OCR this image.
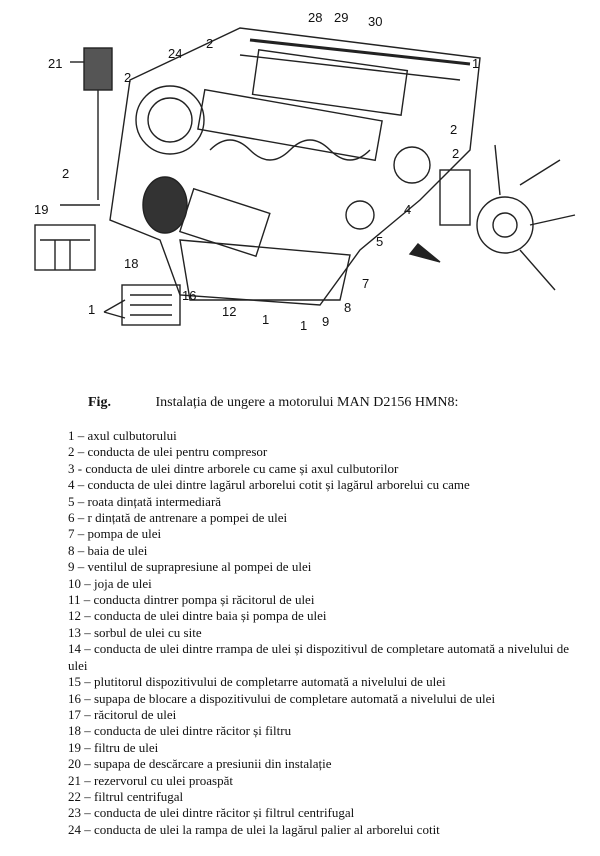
28 29 30
21
24
2
2
2
1
2
2
19
18
16
12
1 1 9
8
7
1
4
5
Fig.	Instalația de ungere a motorului MAN D2156 HMN8:
1 – axul culbutorului
2 – conducta de ulei pentru compresor
3 - conducta de ulei dintre arborele cu came și axul culbutorilor
4 – conducta de ulei dintre lagărul arborelui cotit și lagărul arborelui cu came
5 – roata dințată intermediară
6 – r dințată de antrenare a pompei de ulei
7 – pompa de ulei
8 – baia de ulei
9 – ventilul de suprapresiune al pompei de ulei
10 – joja de ulei
11 – conducta dintrer pompa și răcitorul de ulei
12 – conducta de ulei dintre baia și pompa de ulei
13 – sorbul de ulei cu site
14 – conducta de ulei dintre rrampa de ulei și dispozitivul de completare automată a nivelului de ulei
15 – plutitorul dispozitivului de completarre automată a nivelului de ulei
16 – supapa de blocare a dispozitivului de completare automată a nivelului de ulei
17 – răcitorul de ulei
18 – conducta de ulei dintre răcitor și filtru
19 – filtru de ulei
20 – supapa de descărcare a presiunii din instalație
21 – rezervorul cu ulei proaspăt
22 – filtrul centrifugal
23 – conducta de ulei dintre răcitor și filtrul centrifugal
24 – conducta de ulei la rampa de ulei la lagărul palier al arborelui cotit
